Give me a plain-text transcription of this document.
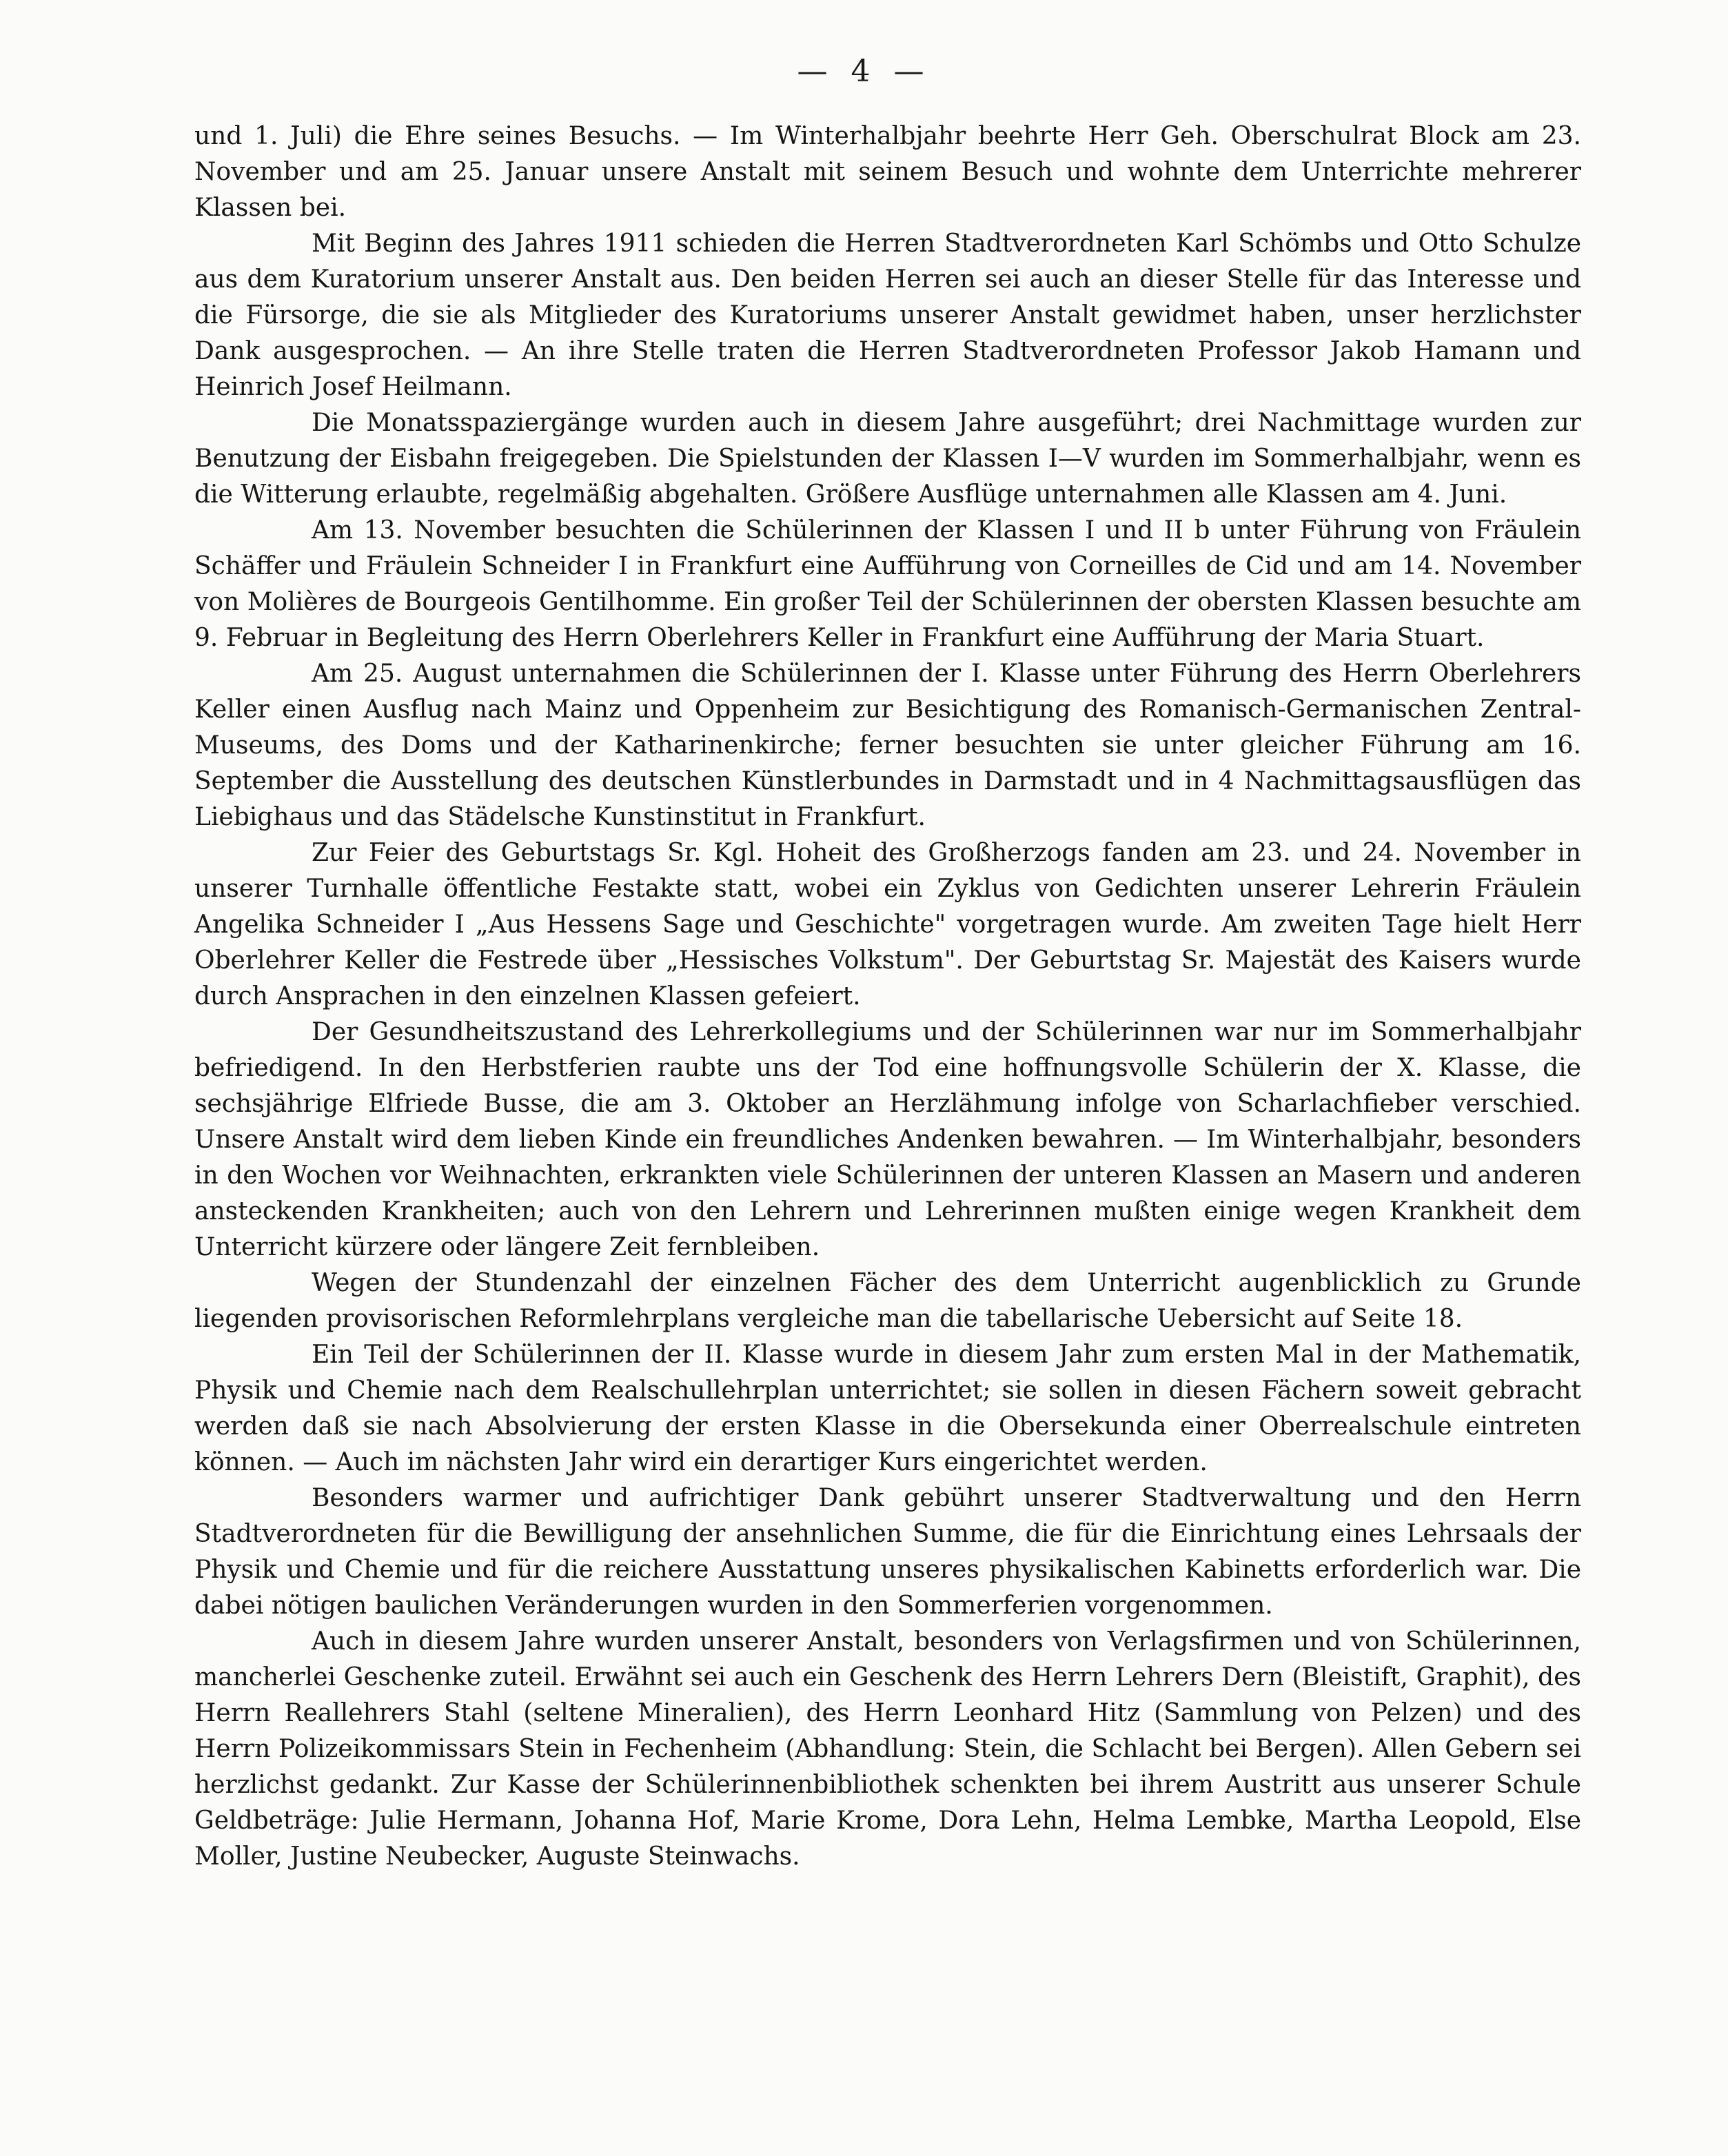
— 4 —

und 1. Juli) die Ehre seines Besuchs. — Im Winterhalbjahr beehrte Herr Geh. Oberschulrat Block am 23. November und am 25. Januar unsere Anstalt mit seinem Besuch und wohnte dem Unterrichte mehrerer Klassen bei.

Mit Beginn des Jahres 1911 schieden die Herren Stadtverordneten Karl Schömbs und Otto Schulze aus dem Kuratorium unserer Anstalt aus. Den beiden Herren sei auch an dieser Stelle für das Interesse und die Fürsorge, die sie als Mitglieder des Kuratoriums unserer Anstalt gewidmet haben, unser herzlichster Dank ausgesprochen. — An ihre Stelle traten die Herren Stadtverordneten Professor Jakob Hamann und Heinrich Josef Heilmann.

Die Monatsspaziergänge wurden auch in diesem Jahre ausgeführt; drei Nachmittage wurden zur Benutzung der Eisbahn freigegeben. Die Spielstunden der Klassen I—V wurden im Sommerhalbjahr, wenn es die Witterung erlaubte, regelmäßig abgehalten. Größere Ausflüge unternahmen alle Klassen am 4. Juni.

Am 13. November besuchten die Schülerinnen der Klassen I und II b unter Führung von Fräulein Schäffer und Fräulein Schneider I in Frankfurt eine Aufführung von Corneilles de Cid und am 14. November von Molières de Bourgeois Gentilhomme. Ein großer Teil der Schülerinnen der obersten Klassen besuchte am 9. Februar in Begleitung des Herrn Oberlehrers Keller in Frankfurt eine Aufführung der Maria Stuart.

Am 25. August unternahmen die Schülerinnen der I. Klasse unter Führung des Herrn Oberlehrers Keller einen Ausflug nach Mainz und Oppenheim zur Besichtigung des Romanisch-Germanischen Zentral-Museums, des Doms und der Katharinenkirche; ferner besuchten sie unter gleicher Führung am 16. September die Ausstellung des deutschen Künstlerbundes in Darmstadt und in 4 Nachmittagsausflügen das Liebighaus und das Städelsche Kunstinstitut in Frankfurt.

Zur Feier des Geburtstags Sr. Kgl. Hoheit des Großherzogs fanden am 23. und 24. November in unserer Turnhalle öffentliche Festakte statt, wobei ein Zyklus von Gedichten unserer Lehrerin Fräulein Angelika Schneider I „Aus Hessens Sage und Geschichte" vorgetragen wurde. Am zweiten Tage hielt Herr Oberlehrer Keller die Festrede über „Hessisches Volkstum". Der Geburtstag Sr. Majestät des Kaisers wurde durch Ansprachen in den einzelnen Klassen gefeiert.

Der Gesundheitszustand des Lehrerkollegiums und der Schülerinnen war nur im Sommerhalbjahr befriedigend. In den Herbstferien raubte uns der Tod eine hoffnungsvolle Schülerin der X. Klasse, die sechsjährige Elfriede Busse, die am 3. Oktober an Herzlähmung infolge von Scharlachfieber verschied. Unsere Anstalt wird dem lieben Kinde ein freundliches Andenken bewahren. — Im Winterhalbjahr, besonders in den Wochen vor Weihnachten, erkrankten viele Schülerinnen der unteren Klassen an Masern und anderen ansteckenden Krankheiten; auch von den Lehrern und Lehrerinnen mußten einige wegen Krankheit dem Unterricht kürzere oder längere Zeit fernbleiben.

Wegen der Stundenzahl der einzelnen Fächer des dem Unterricht augenblicklich zu Grunde liegenden provisorischen Reformlehrplans vergleiche man die tabellarische Uebersicht auf Seite 18.

Ein Teil der Schülerinnen der II. Klasse wurde in diesem Jahr zum ersten Mal in der Mathematik, Physik und Chemie nach dem Realschullehrplan unterrichtet; sie sollen in diesen Fächern soweit gebracht werden daß sie nach Absolvierung der ersten Klasse in die Obersekunda einer Oberrealschule eintreten können. — Auch im nächsten Jahr wird ein derartiger Kurs eingerichtet werden.

Besonders warmer und aufrichtiger Dank gebührt unserer Stadtverwaltung und den Herrn Stadtverordneten für die Bewilligung der ansehnlichen Summe, die für die Einrichtung eines Lehrsaals der Physik und Chemie und für die reichere Ausstattung unseres physikalischen Kabinetts erforderlich war. Die dabei nötigen baulichen Veränderungen wurden in den Sommerferien vorgenommen.

Auch in diesem Jahre wurden unserer Anstalt, besonders von Verlagsfirmen und von Schülerinnen, mancherlei Geschenke zuteil. Erwähnt sei auch ein Geschenk des Herrn Lehrers Dern (Bleistift, Graphit), des Herrn Reallehrers Stahl (seltene Mineralien), des Herrn Leonhard Hitz (Sammlung von Pelzen) und des Herrn Polizeikommissars Stein in Fechenheim (Abhandlung: Stein, die Schlacht bei Bergen). Allen Gebern sei herzlichst gedankt. Zur Kasse der Schülerinnenbibliothek schenkten bei ihrem Austritt aus unserer Schule Geldbeträge: Julie Hermann, Johanna Hof, Marie Krome, Dora Lehn, Helma Lembke, Martha Leopold, Else Moller, Justine Neubecker, Auguste Steinwachs.
